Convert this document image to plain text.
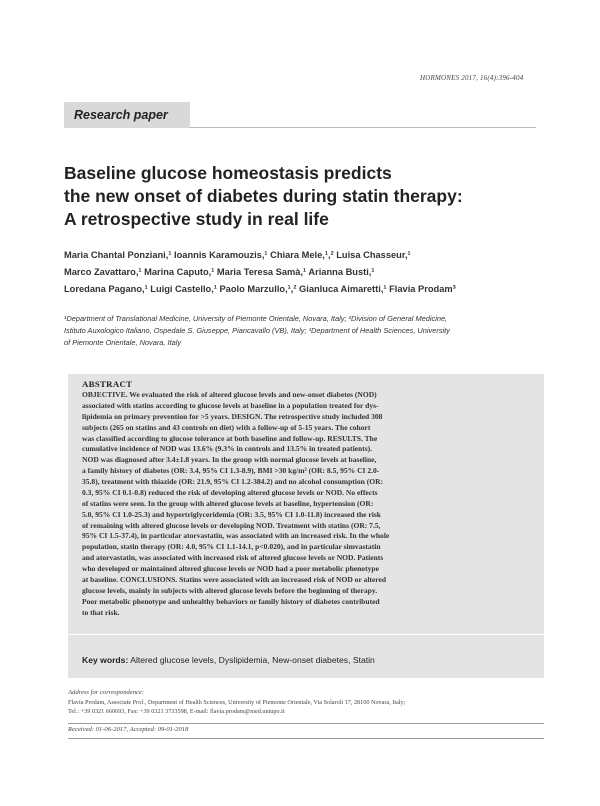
HORMONES 2017, 16(4):396-404
Research paper
Baseline glucose homeostasis predicts
the new onset of diabetes during statin therapy:
A retrospective study in real life
Maria Chantal Ponziani,¹ Ioannis Karamouzis,¹ Chiara Mele,¹,² Luisa Chasseur,¹
Marco Zavattaro,¹ Marina Caputo,¹ Maria Teresa Samà,¹ Arianna Busti,¹
Loredana Pagano,¹ Luigi Castello,¹ Paolo Marzullo,¹,² Gianluca Aimaretti,¹ Flavia Prodam³
¹Department of Translational Medicine, University of Piemonte Orientale, Novara, Italy; ²Division of General Medicine,
Istituto Auxologico Italiano, Ospedale S. Giuseppe, Piancavallo (VB), Italy; ³Department of Health Sciences, University
of Piemonte Orientale, Novara, Italy
ABSTRACT
OBJECTIVE. We evaluated the risk of altered glucose levels and new-onset diabetes (NOD)
associated with statins according to glucose levels at baseline in a population treated for dys-
lipidemia on primary prevention for >5 years. DESIGN. The retrospective study included 308
subjects (265 on statins and 43 controls on diet) with a follow-up of 5-15 years. The cohort
was classified according to glucose tolerance at both baseline and follow-up. RESULTS. The
cumulative incidence of NOD was 13.6% (9.3% in controls and 13.5% in treated patients).
NOD was diagnosed after 3.4±1.8 years. In the group with normal glucose levels at baseline,
a family history of diabetes (OR: 3.4, 95% CI 1.3-8.9), BMI >30 kg/m² (OR: 8.5, 95% CI 2.0-
35.8), treatment with thiazide (OR: 21.9, 95% CI 1.2-384.2) and no alcohol consumption (OR:
0.3, 95% CI 0.1-0.8) reduced the risk of developing altered glucose levels or NOD. No effects
of statins were seen. In the group with altered glucose levels at baseline, hypertension (OR:
5.0, 95% CI 1.0-25.3) and hypertriglyceridemia (OR: 3.5, 95% CI 1.0-11.8) increased the risk
of remaining with altered glucose levels or developing NOD. Treatment with statins (OR: 7.5,
95% CI 1.5-37.4), in particular atorvastatin, was associated with an increased risk. In the whole
population, statin therapy (OR: 4.0, 95% CI 1.1-14.1, p<0.020), and in particular simvastatin
and atorvastatin, was associated with increased risk of altered glucose levels or NOD. Patients
who developed or maintained altered glucose levels or NOD had a poor metabolic phenotype
at baseline. CONCLUSIONS. Statins were associated with an increased risk of NOD or altered
glucose levels, mainly in subjects with altered glucose levels before the beginning of therapy.
Poor metabolic phenotype and unhealthy behaviors or family history of diabetes contributed
to that risk.
Key words: Altered glucose levels, Dyslipidemia, New-onset diabetes, Statin
Address for correspondence:
Flavia Prodam, Associate Prof., Department of Health Sciences, University of Piemonte Orientale, Via Solaroli 17, 28100 Novara, Italy;
Tel.: +39 0321 660693, Fax: +39 0321 3733598, E-mail: flavia.prodam@med.uniupo.it
Received: 01-06-2017, Accepted: 09-01-2018
